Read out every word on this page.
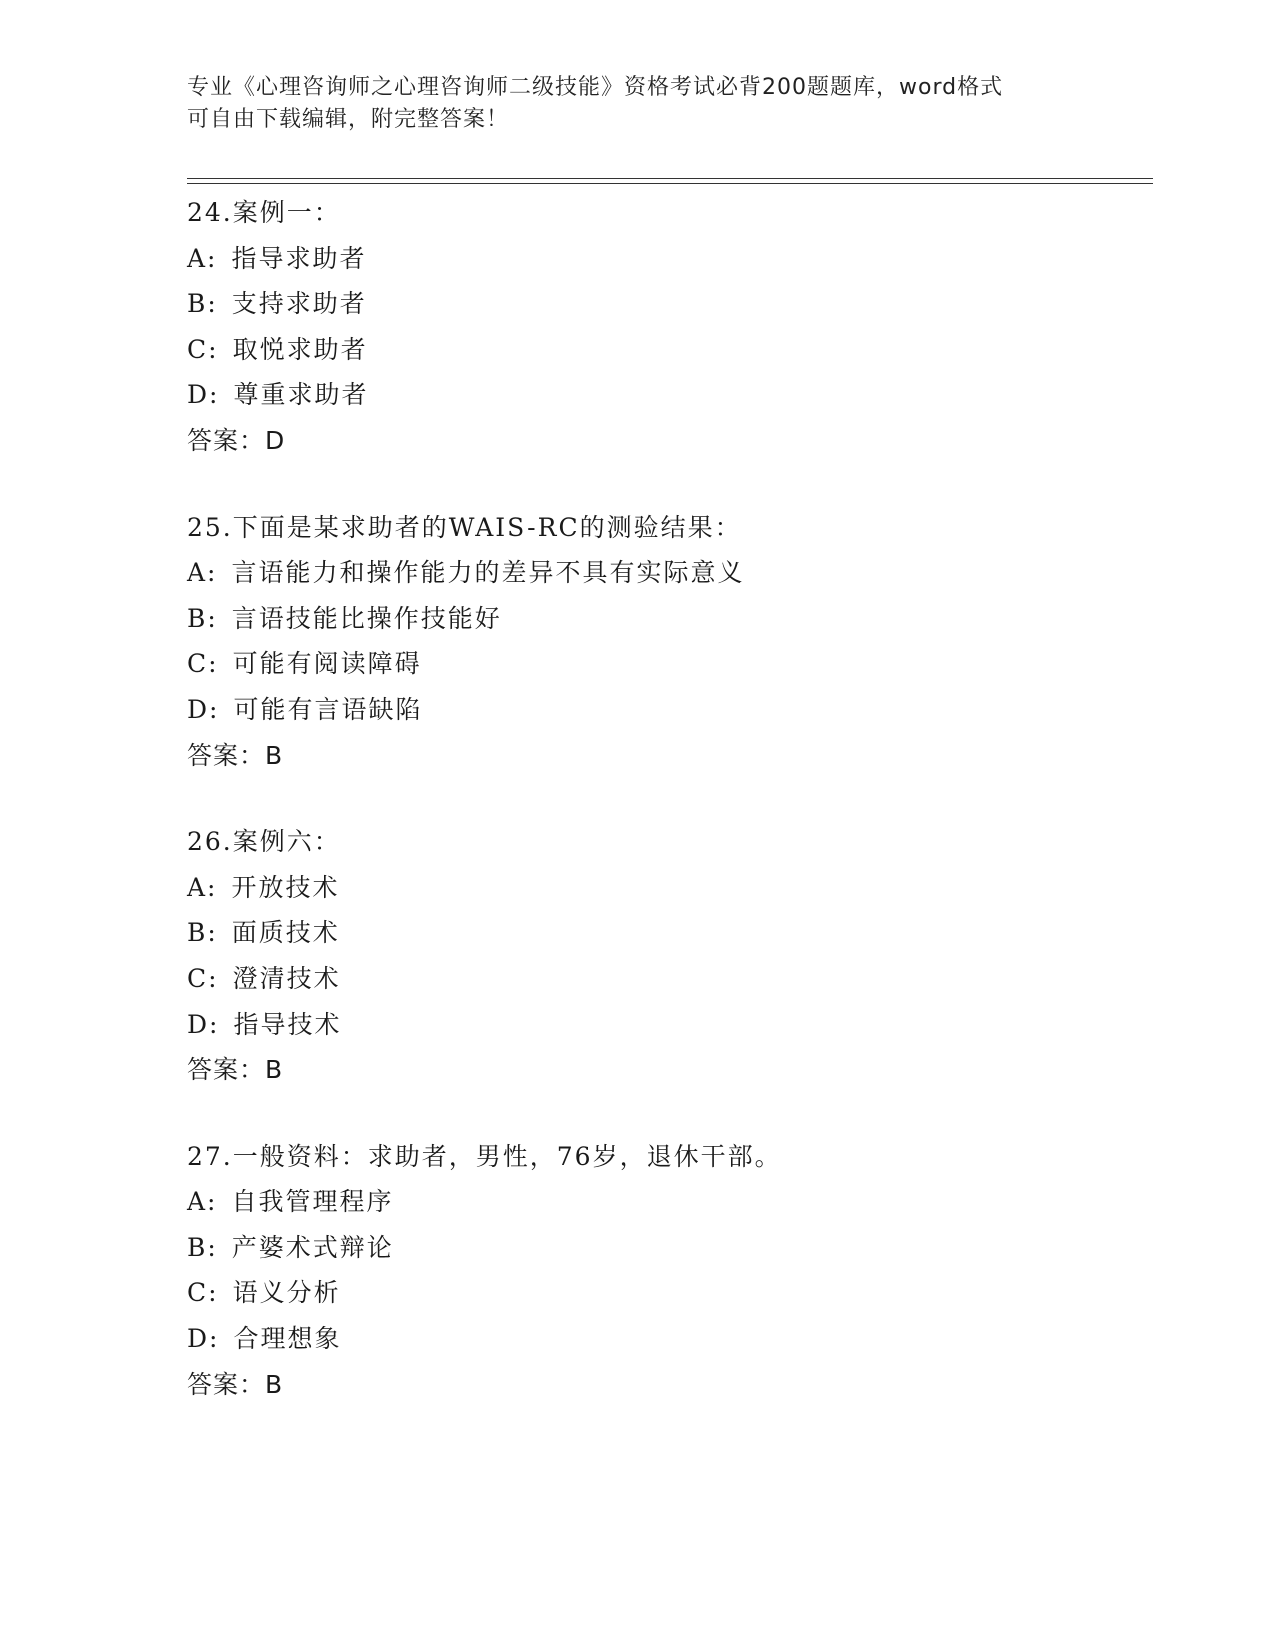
专业《心理咨询师之心理咨询师二级技能》资格考试必背200题题库，word格式
可自由下载编辑，附完整答案！
24.案例一：
A: 指导求助者
B: 支持求助者
C: 取悦求助者
D: 尊重求助者
答案：D
25.下面是某求助者的WAIS-RC的测验结果：
A: 言语能力和操作能力的差异不具有实际意义
B: 言语技能比操作技能好
C: 可能有阅读障碍
D: 可能有言语缺陷
答案：B
26.案例六：
A: 开放技术
B: 面质技术
C: 澄清技术
D: 指导技术
答案：B
27.一般资料：求助者，男性，76岁，退休干部。
A: 自我管理程序
B: 产婆术式辩论
C: 语义分析
D: 合理想象
答案：B
